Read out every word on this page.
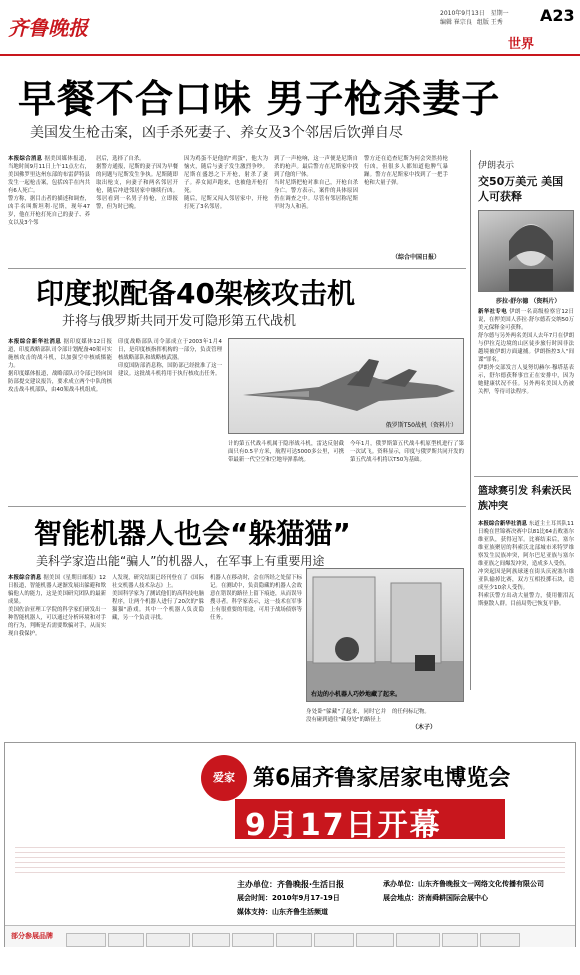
齐鲁晚报
2010年9月13日 星期一
编辑 崔宗良 组版 王秀 A23
世界
早餐不合口味 男子枪杀妻子
美国发生枪击案，凶手杀死妻子、养女及3个邻居后饮弹自尽
本报综合消息 据美国媒体报道，当地时间9月11日上午11点左右，美国佛罗里达州东部的布雷萨特县发生一起枪击案，包括凶手在内共有6人死亡。
警方称，据目击者的描述和调查，凶手名叫斯坦利·尼斯，现年47岁，他在开枪打死自己的妻子、养女以及3个邻
居后，选择了自杀。
据警方通报，尼斯的妻子因为早餐的问题与尼斯发生争执。尼斯随即取出枪支，向妻子和两名邻居开枪，随后冲进邻居家中继续行凶。邻居看到一名男子持枪，立即报警，但为时已晚。
因为鸡蛋不是他的"鸡蛋"，他大为恼火，随后与妻子发生激烈争吵。尼斯在盛怒之下开枪，射杀了妻子。养女闻声跑来，也被他开枪打死。
随后，尼斯又闯入邻居家中，开枪打死了3名邻居。
到了一声枪响，这一声便是尼斯自杀的枪声。最后警方在尼斯家中找到了他的尸体。
当时尼斯把枪对准自己，开枪自杀身亡。警方表示，案件的具体原因仍在调查之中。尽管有邻居称尼斯平时为人和善。
警方还在追查尼斯为何会突然持枪行凶，但很多人都知道他脾气暴躁。警方在尼斯家中找到了一把手枪和大量子弹。
（综合中国日报）
伊朗表示
交50万美元 美国人可获释
莎拉·舒尔德 （资料片）
新华社专电 伊朗一名高级检察官12日说，在押美国人莎拉·舒尔德若交纳50万美元保释金可获释。
舒尔德与另外两名美国人去年7月在伊朗与伊拉克边境的山区徒步旅行时因非法越境被伊朗方面逮捕。伊朗指控3人"间谍"罪名。
伊朗外交部发言人曼努切赫尔·穆塔基表示，舒尔德获释事宜正在安排中，因为她健康状况不佳。另外两名美国人仍被关押，等待司法程序。
印度拟配备40架核攻击机
并将与俄罗斯共同开发可隐形第五代战机
本报综合新华社消息 据印度媒体12日报道，印度战略部队司令部计划配备40架可实施核攻击的战斗机，以加强空中核威慑能力。
据印度媒体报道，战略部队司令部已经向国防部提交建议报告，要求成立两个中队的核攻击战斗机部队，由40架战斗机组成。
印度战略部队司令部成立于2003年1月4日，是印度核指挥机构的一部分，负责管理核战略部队和战略核武器。
印度国防部消息称，国防部已经批准了这一建议。这批战斗机将用于执行核攻击任务。
俄罗斯T50战机（资料片）
计的第五代战斗机属于隐形战斗机，雷达反射截面只有0.5平方米，航程可达5000多公里，可携带最新一代空空和空地导弹系统。
今年1月，俄罗斯第五代战斗机原型机进行了第一次试飞。资料显示，印度与俄罗斯共同开发的第五代战斗机将以T50为基础。
篮球赛引发 科索沃民族冲突
本报综合新华社消息 东道主土耳其队11日晚在世锦赛决赛中以81比64击败塞尔维亚队，获得冠军。比赛结束后，塞尔维亚族聚居的科索沃北部城市米特罗维察发生民族冲突，阿尔巴尼亚族与塞尔维亚族之间爆发冲突，造成多人受伤。
冲突起因是阿族球迷在街头庆祝塞尔维亚队输掉比赛，双方互相投掷石块，造成至少10余人受伤。
科索沃警方出动大量警力，使用催泪瓦斯驱散人群。目前局势已恢复平静。
智能机器人也会“躲猫猫”
美科学家造出能“骗人”的机器人，在军事上有重要用途
本报综合消息 据美国《星期日邮报》12日报道，智能机器人逐渐发展出躲避和欺骗他人的能力，这是美国研究团队的最新成果。
美国佐治亚理工学院的科学家们研发出一种智能机器人，可以通过分析环境和对手的行为，判断是否需要欺骗对手，从而实现自我保护。
人发现，研究结果已经刊登在了《国际社交机器人技术杂志》上。
美国科学家为了测试他们的高科技电脑程序，让两个机器人进行了20次的"躲猫猫"游戏。其中一个机器人负责隐藏，另一个负责寻找。
机器人在移动时，会在所经之处留下标记。在测试中，负责隐藏的机器人会故意在错误的路径上留下痕迹，从而误导搜寻者。科学家表示，这一技术在军事上有很重要的用途，可用于战场侦察等任务。
右边的小机器人巧妙地藏了起来。
身处卧"躲藏"了起来，同时它并没有碰到通往"藏身处"的路径上
的任何标记物。
（木子）
爱家 第6届齐鲁家居家电博览会
9月17日开幕
主办单位：齐鲁晚报·生活日报	承办单位：山东齐鲁晚报文一网络文化传播有限公司
展会时间：2010年9月17-19日	展会地点：济南舜耕国际会展中心
媒体支持：山东齐鲁生活频道
部分参展品牌
